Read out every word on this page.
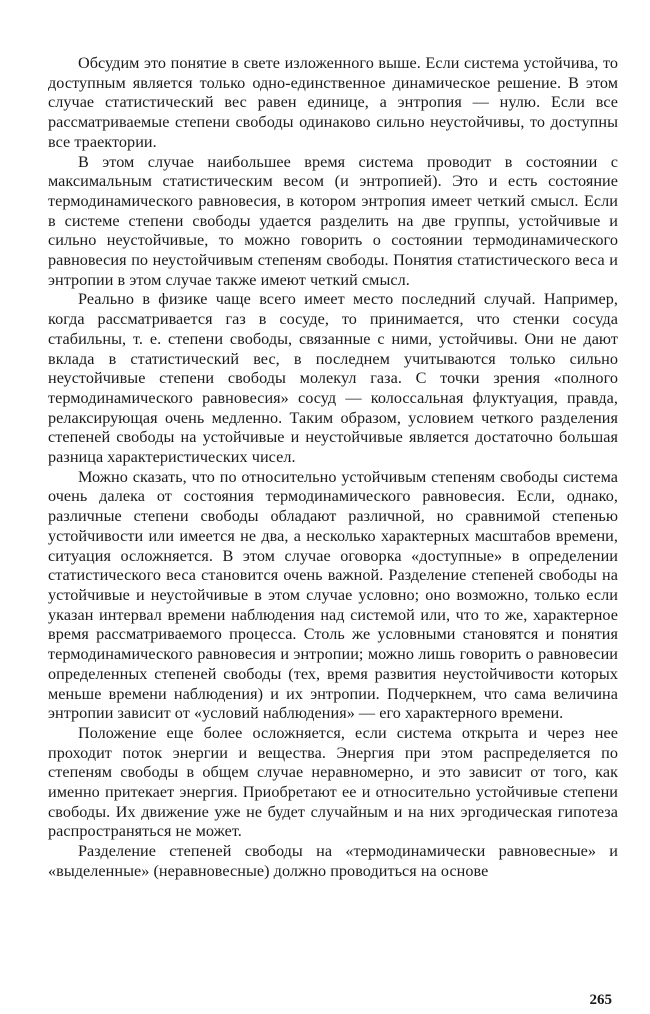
Обсудим это понятие в свете изложенного выше. Если система устойчива, то доступным является только одно-единственное динамическое решение. В этом случае статистический вес равен единице, а энтропия — нулю. Если все рассматриваемые степени свободы одинаково сильно неустойчивы, то доступны все траектории.

В этом случае наибольшее время система проводит в состоянии с максимальным статистическим весом (и энтропией). Это и есть состояние термодинамического равновесия, в котором энтропия имеет четкий смысл. Если в системе степени свободы удается разделить на две группы, устойчивые и сильно неустойчивые, то можно говорить о состоянии термодинамического равновесия по неустойчивым степеням свободы. Понятия статистического веса и энтропии в этом случае также имеют четкий смысл.

Реально в физике чаще всего имеет место последний случай. Например, когда рассматривается газ в сосуде, то принимается, что стенки сосуда стабильны, т. е. степени свободы, связанные с ними, устойчивы. Они не дают вклада в статистический вес, в последнем учитываются только сильно неустойчивые степени свободы молекул газа. С точки зрения «полного термодинамического равновесия» сосуд — колоссальная флуктуация, правда, релаксирующая очень медленно. Таким образом, условием четкого разделения степеней свободы на устойчивые и неустойчивые является достаточно большая разница характеристических чисел.

Можно сказать, что по относительно устойчивым степеням свободы система очень далека от состояния термодинамического равновесия. Если, однако, различные степени свободы обладают различной, но сравнимой степенью устойчивости или имеется не два, а несколько характерных масштабов времени, ситуация осложняется. В этом случае оговорка «доступные» в определении статистического веса становится очень важной. Разделение степеней свободы на устойчивые и неустойчивые в этом случае условно; оно возможно, только если указан интервал времени наблюдения над системой или, что то же, характерное время рассматриваемого процесса. Столь же условными становятся и понятия термодинамического равновесия и энтропии; можно лишь говорить о равновесии определенных степеней свободы (тех, время развития неустойчивости которых меньше времени наблюдения) и их энтропии. Подчеркнем, что сама величина энтропии зависит от «условий наблюдения» — его характерного времени.

Положение еще более осложняется, если система открыта и через нее проходит поток энергии и вещества. Энергия при этом распределяется по степеням свободы в общем случае неравномерно, и это зависит от того, как именно притекает энергия. Приобретают ее и относительно устойчивые степени свободы. Их движение уже не будет случайным и на них эргодическая гипотеза распространяться не может.

Разделение степеней свободы на «термодинамически равновесные» и «выделенные» (неравновесные) должно проводиться на основе

265
